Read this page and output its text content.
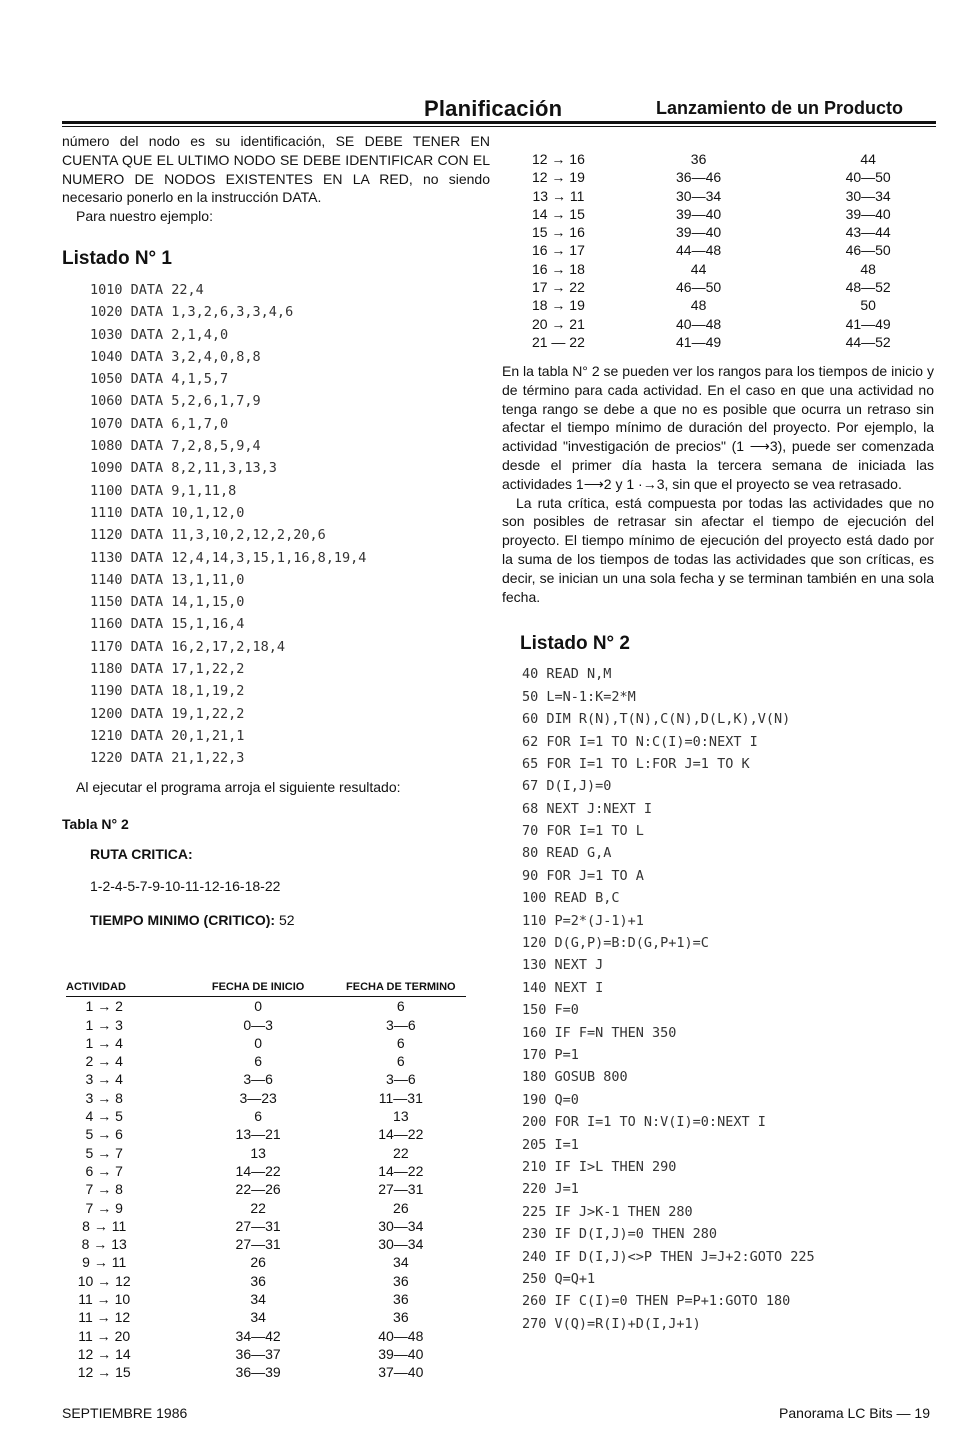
Planificación	Lanzamiento de un Producto

número del nodo es su identificación, SE DEBE TENER EN CUENTA QUE EL ULTIMO NODO SE DEBE IDENTIFICAR CON EL NUMERO DE NODOS EXISTENTES EN LA RED, no siendo necesario ponerlo en la instrucción DATA.

Para nuestro ejemplo:

Listado N° 1
1010 DATA 22,4
1020 DATA 1,3,2,6,3,3,4,6
1030 DATA 2,1,4,0
1040 DATA 3,2,4,0,8,8
1050 DATA 4,1,5,7
1060 DATA 5,2,6,1,7,9
1070 DATA 6,1,7,0
1080 DATA 7,2,8,5,9,4
1090 DATA 8,2,11,3,13,3
1100 DATA 9,1,11,8
1110 DATA 10,1,12,0
1120 DATA 11,3,10,2,12,2,20,6
1130 DATA 12,4,14,3,15,1,16,8,19,4
1140 DATA 13,1,11,0
1150 DATA 14,1,15,0
1160 DATA 15,1,16,4
1170 DATA 16,2,17,2,18,4
1180 DATA 17,1,22,2
1190 DATA 18,1,19,2
1200 DATA 19,1,22,2
1210 DATA 20,1,21,1
1220 DATA 21,1,22,3

Al ejecutar el programa arroja el siguiente resultado:

Tabla N° 2
RUTA CRITICA:
1-2-4-5-7-9-10-11-12-16-18-22
TIEMPO MINIMO (CRITICO): 52
ACTIVIDAD		FECHA DE INICIO		FECHA DE TERMINO
1 → 2		0		6
1 → 3		0—3		3—6
1 → 4		0		6
2 → 4		6		6
3 → 4		3—6		3—6
3 → 8		3—23		11—31
4 → 5		6		13
5 → 6		13—21		14—22
5 → 7		13		22
6 → 7		14—22		14—22
7 → 8		22—26		27—31
7 → 9		22		26
8 → 11		27—31		30—34
8 → 13		27—31		30—34
9 → 11		26		34
10 → 12		36		36
11 → 10		34		36
11 → 12		34		36
11 → 20		34—42		40—48
12 → 14		36—37		39—40
12 → 15		36—39		37—40
12 → 16		36		44
12 → 19		36—46		40—50
13 → 11		30—34		30—34
14 → 15		39—40		39—40
15 → 16		39—40		43—44
16 → 17		44—48		46—50
16 → 18		44		48
17 → 22		46—50		48—52
18 → 19		48		50
20 → 21		40—48		41—49
21 — 22		41—49		44—52

En la tabla N° 2 se pueden ver los rangos para los tiempos de inicio y de término para cada actividad. En el caso en que una actividad no tenga rango se debe a que no es posible que ocurra un retraso sin afectar el tiempo mínimo de duración del proyecto. Por ejemplo, la actividad "investigación de precios" (1 ⟶3), puede ser comenzada desde el primer día hasta la tercera semana de iniciada las actividades 1⟶2 y 1 ·→3, sin que el proyecto se vea retrasado.

La ruta crítica, está compuesta por todas las actividades que no son posibles de retrasar sin afectar el tiempo de ejecución del proyecto. El tiempo mínimo de ejecución del proyecto está dado por la suma de los tiempos de todas las actividades que son críticas, es decir, se inician un una sola fecha y se terminan también en una sola fecha.

Listado N° 2
40 READ N,M
50 L=N-1:K=2*M
60 DIM R(N),T(N),C(N),D(L,K),V(N)
62 FOR I=1 TO N:C(I)=0:NEXT I
65 FOR I=1 TO L:FOR J=1 TO K
67 D(I,J)=0
68 NEXT J:NEXT I
70 FOR I=1 TO L
80 READ G,A
90 FOR J=1 TO A
100 READ B,C
110 P=2*(J-1)+1
120 D(G,P)=B:D(G,P+1)=C
130 NEXT J
140 NEXT I
150 F=0
160 IF F=N THEN 350
170 P=1
180 GOSUB 800
190 Q=0
200 FOR I=1 TO N:V(I)=0:NEXT I
205 I=1
210 IF I>L THEN 290
220 J=1
225 IF J>K-1 THEN 280
230 IF D(I,J)=0 THEN 280
240 IF D(I,J)<>P THEN J=J+2:GOTO 225
250 Q=Q+1
260 IF C(I)=0 THEN P=P+1:GOTO 180
270 V(Q)=R(I)+D(I,J+1)
SEPTIEMBRE 1986	Panorama LC Bits — 19
